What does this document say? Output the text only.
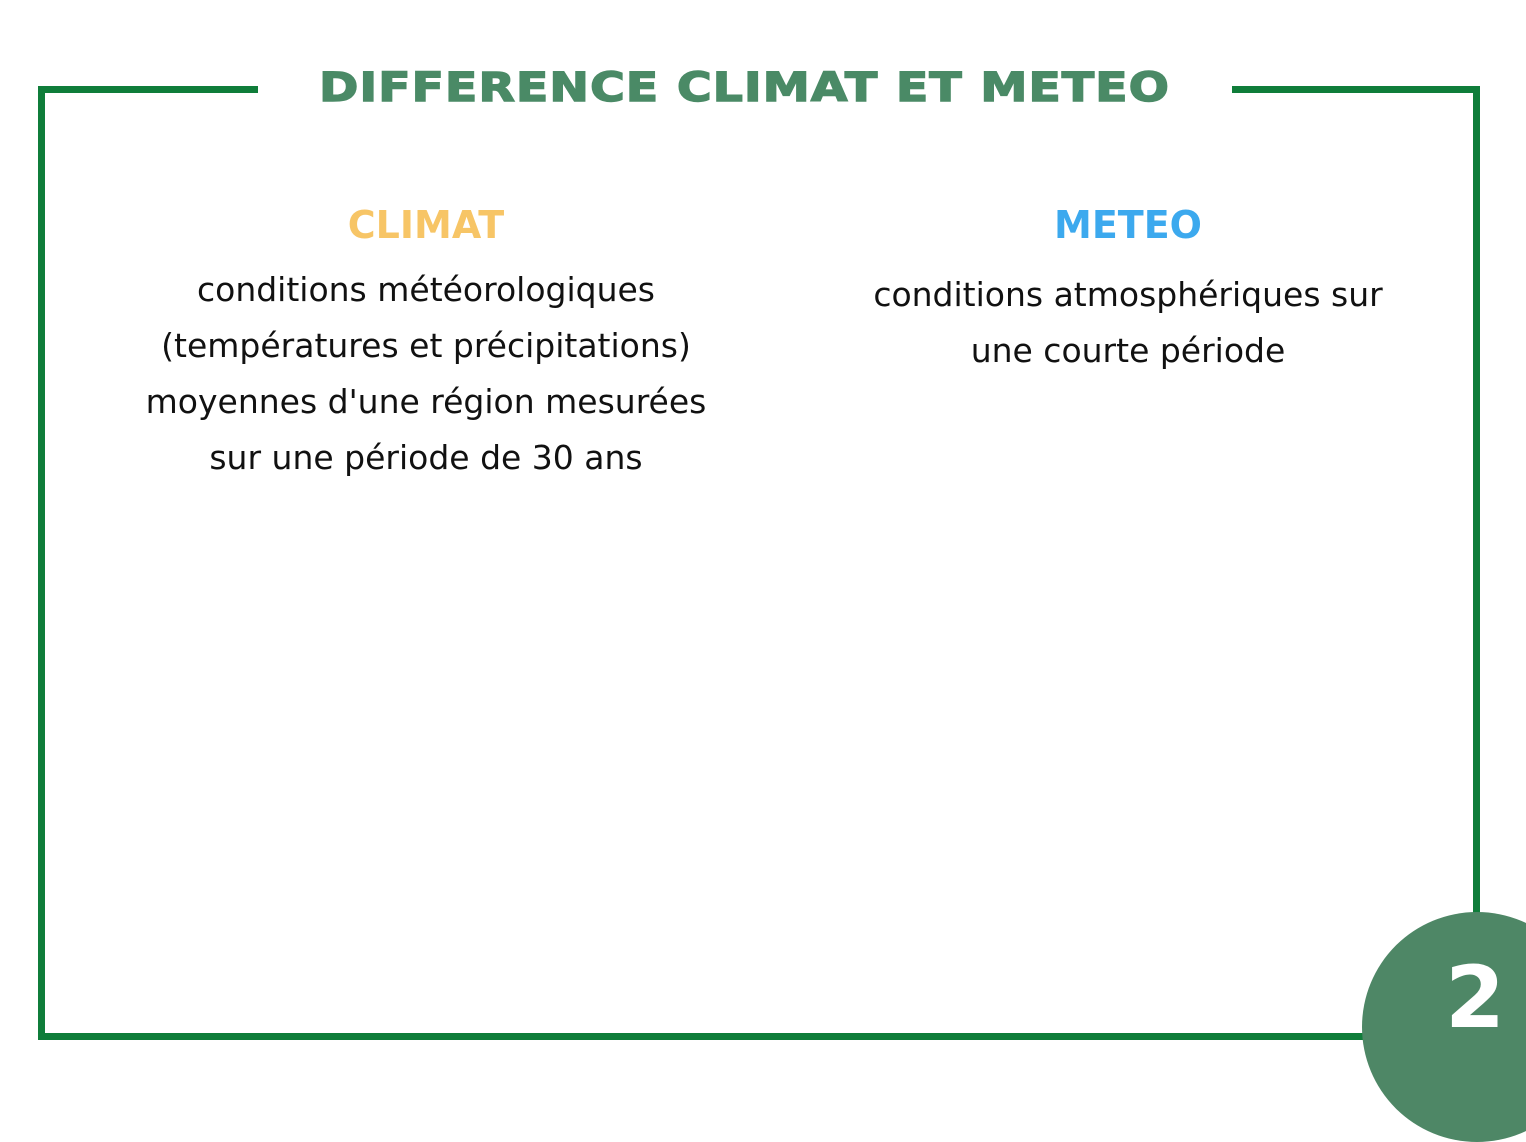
DIFFERENCE CLIMAT ET METEO
CLIMAT
conditions météorologiques
(températures et précipitations)
moyennes d'une région mesurées
sur une période de 30 ans
METEO
conditions atmosphériques sur
une courte période
2
